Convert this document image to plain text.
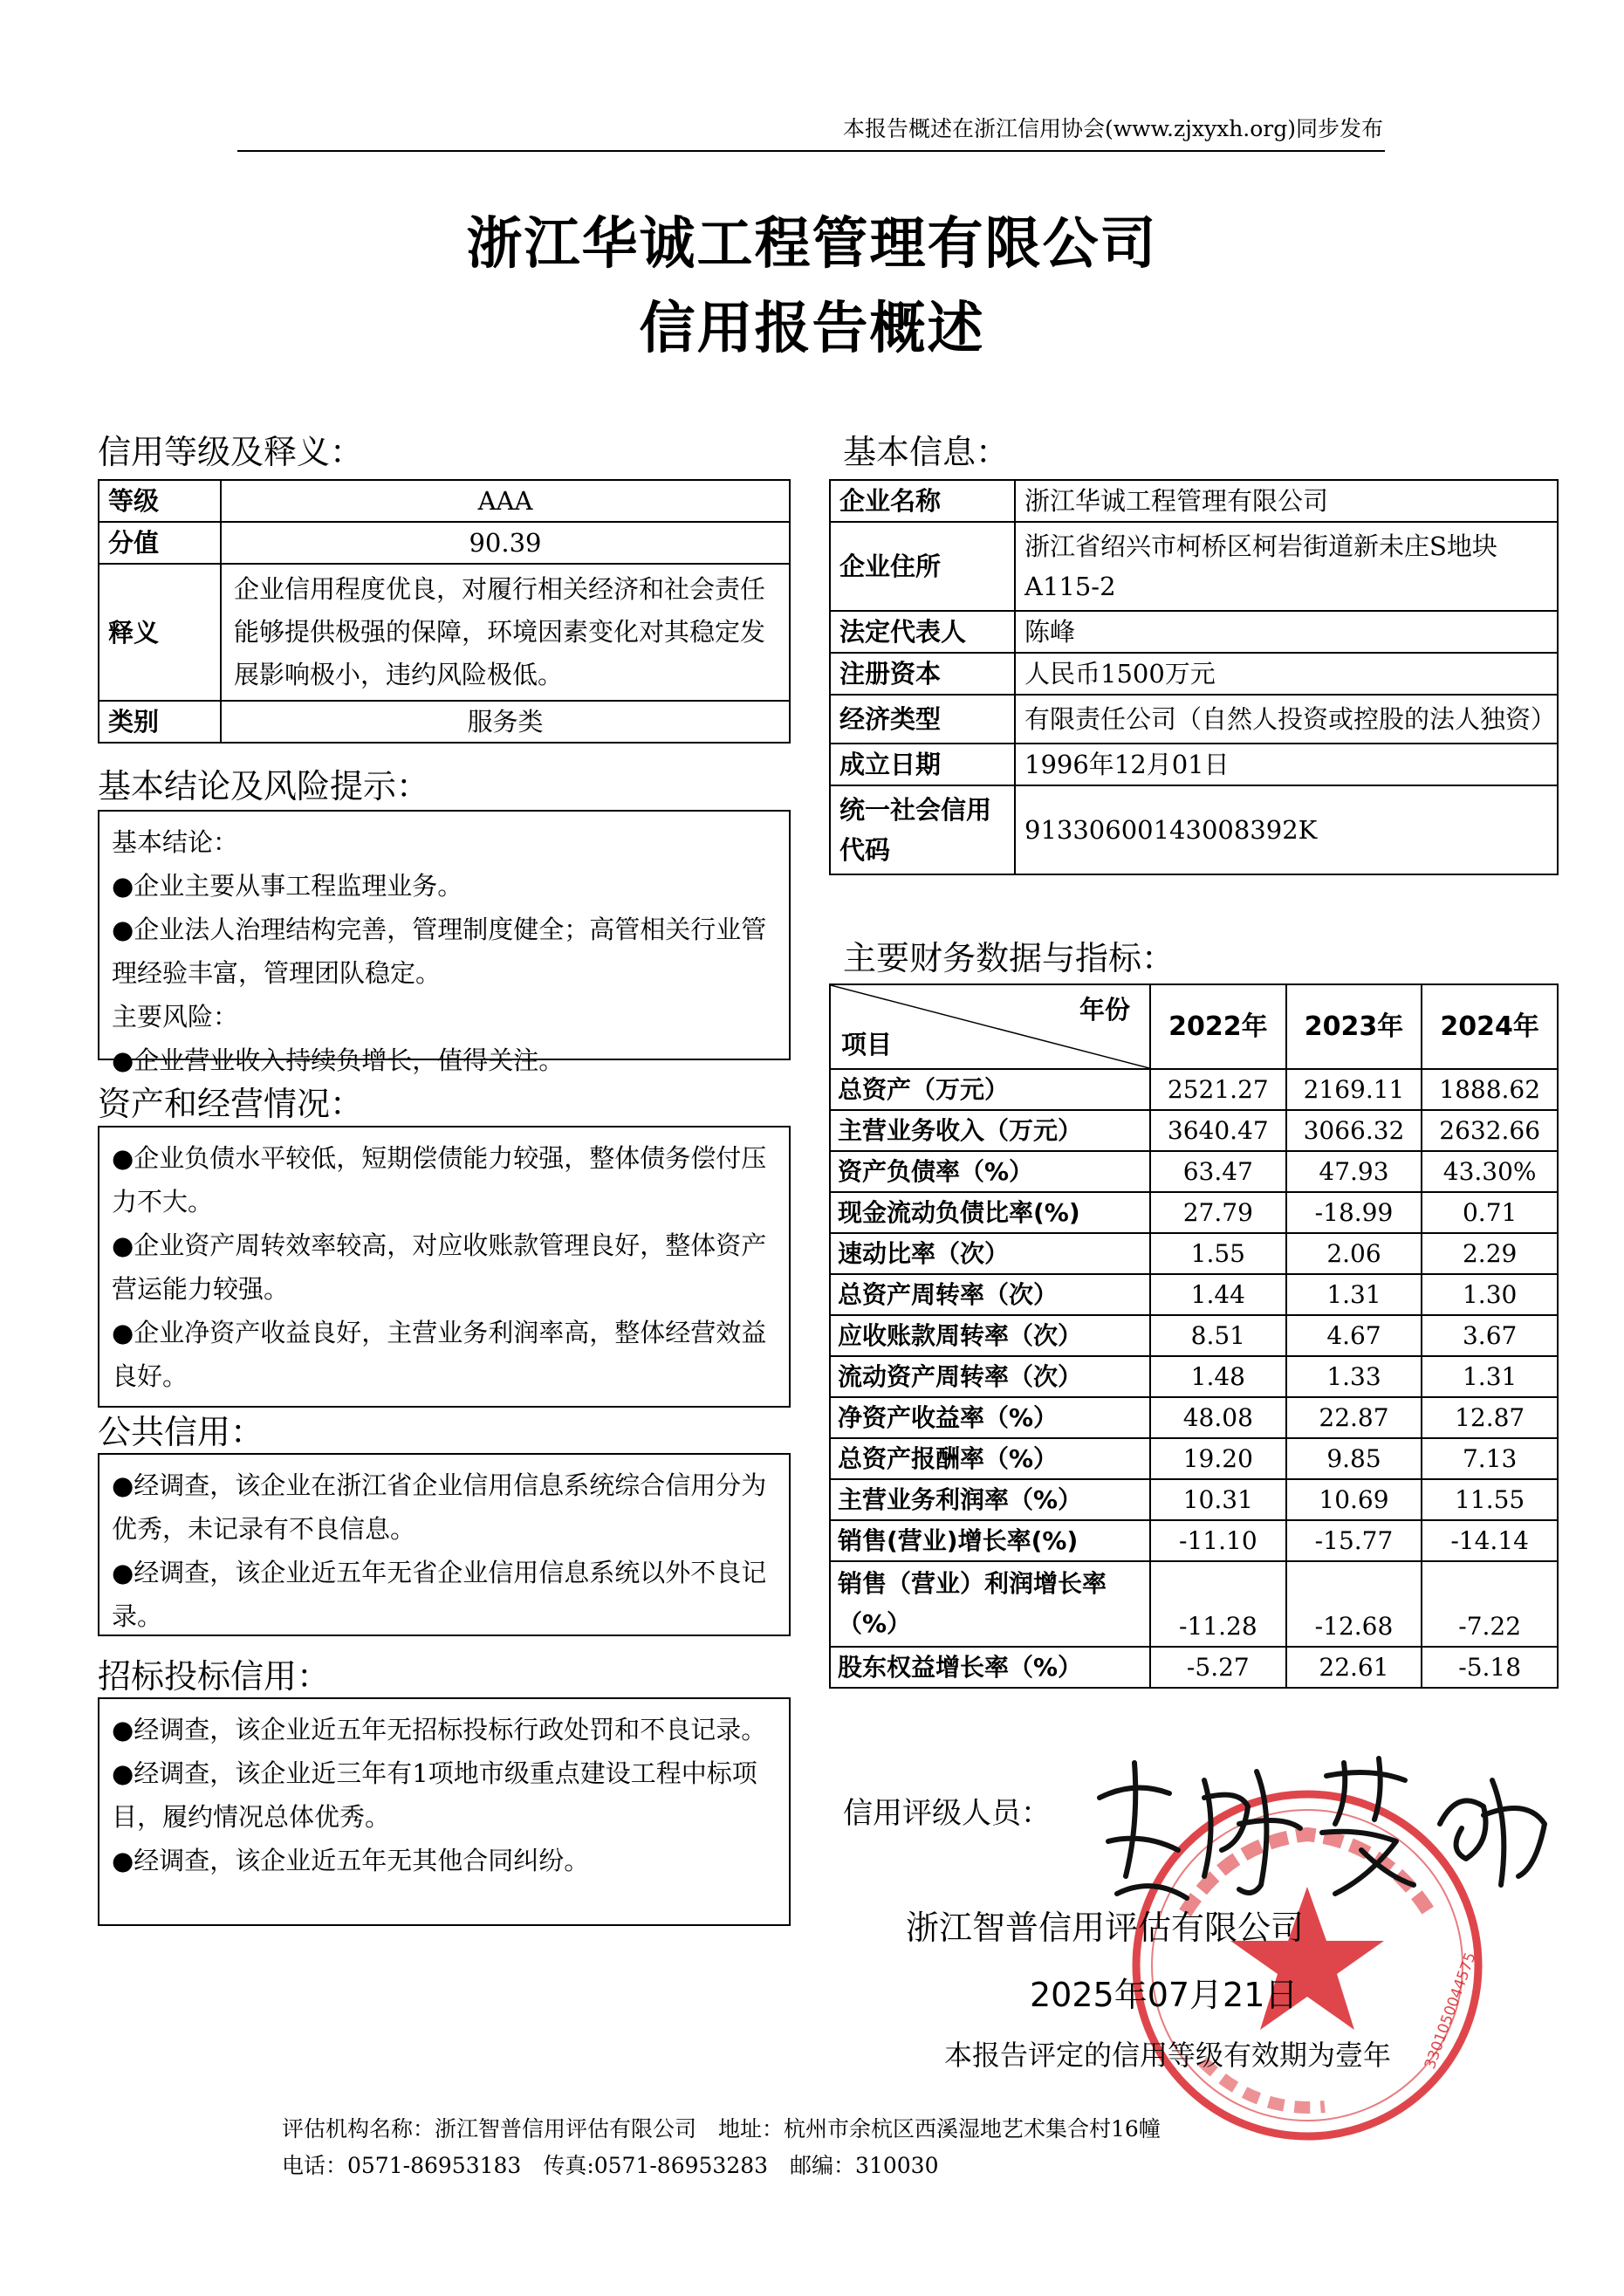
本报告概述在浙江信用协会(www.zjxyxh.org)同步发布
浙江华诚工程管理有限公司
信用报告概述
信用等级及释义：
等级	AAA
分值	90.39
释义	企业信用程度优良，对履行相关经济和社会责任能够提供极强的保障，环境因素变化对其稳定发展影响极小，违约风险极低。
类别	服务类
基本结论及风险提示：

基本结论：

●企业主要从事工程监理业务。

●企业法人治理结构完善，管理制度健全；高管相关行业管理经验丰富，管理团队稳定。

主要风险：

●企业营业收入持续负增长，值得关注。

资产和经营情况：

●企业负债水平较低，短期偿债能力较强，整体债务偿付压力不大。

●企业资产周转效率较高，对应收账款管理良好，整体资产营运能力较强。

●企业净资产收益良好，主营业务利润率高，整体经营效益良好。

公共信用：

●经调查，该企业在浙江省企业信用信息系统综合信用分为优秀，未记录有不良信息。

●经调查，该企业近五年无省企业信用信息系统以外不良记录。

招标投标信用：

●经调查，该企业近五年无招标投标行政处罚和不良记录。

●经调查，该企业近三年有1项地市级重点建设工程中标项目，履约情况总体优秀。

●经调查，该企业近五年无其他合同纠纷。

基本信息：
企业名称	浙江华诚工程管理有限公司
企业住所	浙江省绍兴市柯桥区柯岩街道新未庄S地块A115-2
法定代表人	陈峰
注册资本	人民币1500万元
经济类型	有限责任公司（自然人投资或控股的法人独资）
成立日期	1996年12月01日
统一社会信用代码	91330600143008392K
主要财务数据与指标：
年份
项目	2022年	2023年	2024年
总资产（万元）	2521.27	2169.11	1888.62
主营业务收入（万元）	3640.47	3066.32	2632.66
资产负债率（%）	63.47	47.93	43.30%
现金流动负债比率(%)	27.79	-18.99	0.71
速动比率（次）	1.55	2.06	2.29
总资产周转率（次）	1.44	1.31	1.30
应收账款周转率（次）	8.51	4.67	3.67
流动资产周转率（次）	1.48	1.33	1.31
净资产收益率（%）	48.08	22.87	12.87
总资产报酬率（%）	19.20	9.85	7.13
主营业务利润率（%）	10.31	10.69	11.55
销售(营业)增长率(%)	-11.10	-15.77	-14.14
销售（营业）利润增长率（%）	-11.28	-12.68	-7.22
股东权益增长率（%）	-5.27	22.61	-5.18
信用评级人员：
3301050044575
浙江智普信用评估有限公司
2025年07月21日
本报告评定的信用等级有效期为壹年
评估机构名称：浙江智普信用评估有限公司　地址：杭州市余杭区西溪湿地艺术集合村16幢
电话：0571-86953183　传真:0571-86953283　邮编：310030
